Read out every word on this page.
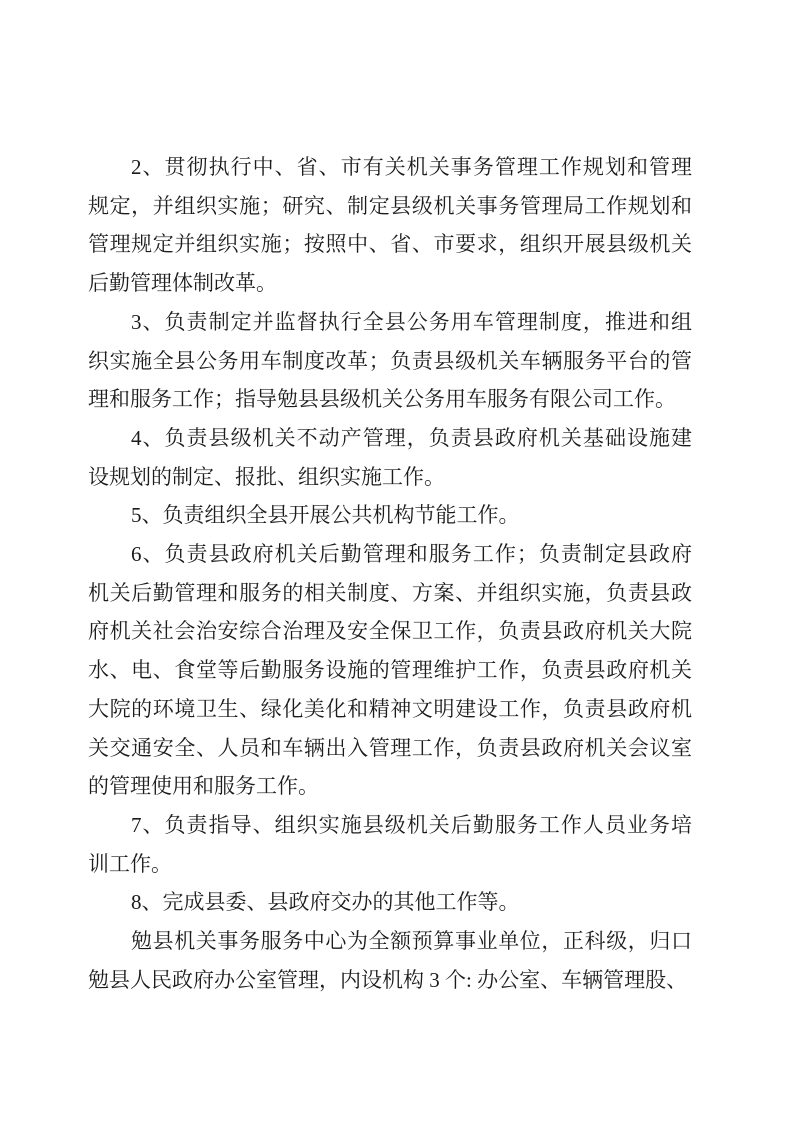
2、贯彻执行中、省、市有关机关事务管理工作规划和管理
规定，并组织实施；研究、制定县级机关事务管理局工作规划和
管理规定并组织实施；按照中、省、市要求，组织开展县级机关
后勤管理体制改革。
3、负责制定并监督执行全县公务用车管理制度，推进和组
织实施全县公务用车制度改革；负责县级机关车辆服务平台的管
理和服务工作；指导勉县县级机关公务用车服务有限公司工作。
4、负责县级机关不动产管理，负责县政府机关基础设施建
设规划的制定、报批、组织实施工作。
5、负责组织全县开展公共机构节能工作。
6、负责县政府机关后勤管理和服务工作；负责制定县政府
机关后勤管理和服务的相关制度、方案、并组织实施，负责县政
府机关社会治安综合治理及安全保卫工作，负责县政府机关大院
水、电、食堂等后勤服务设施的管理维护工作，负责县政府机关
大院的环境卫生、绿化美化和精神文明建设工作，负责县政府机
关交通安全、人员和车辆出入管理工作，负责县政府机关会议室
的管理使用和服务工作。
7、负责指导、组织实施县级机关后勤服务工作人员业务培
训工作。
8、完成县委、县政府交办的其他工作等。
勉县机关事务服务中心为全额预算事业单位，正科级，归口
勉县人民政府办公室管理，内设机构 3 个: 办公室、车辆管理股、
